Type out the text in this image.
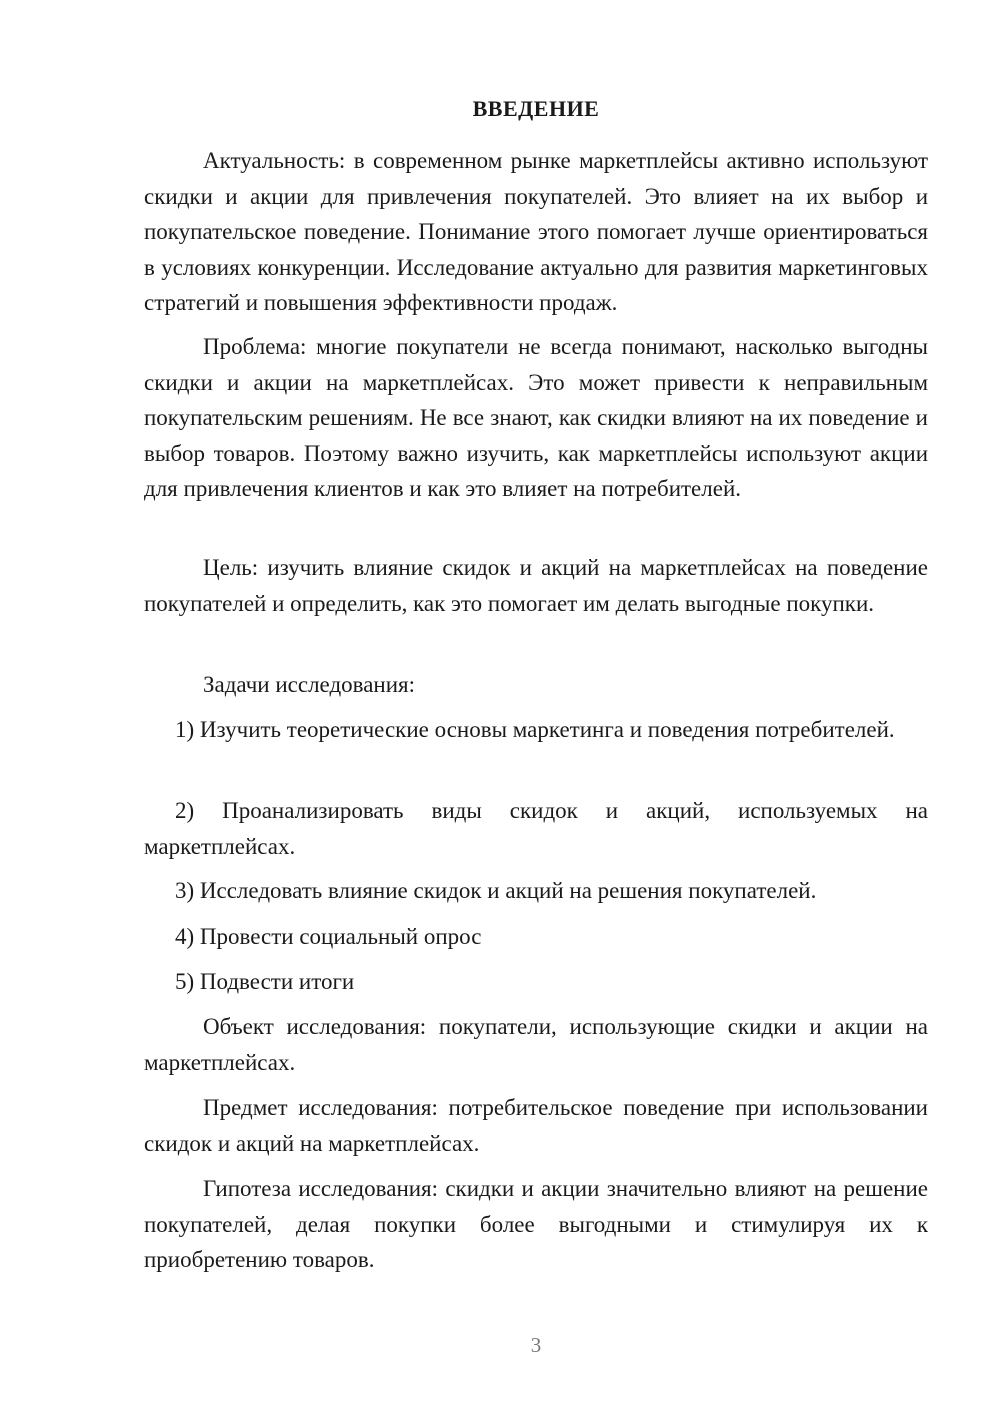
ВВЕДЕНИЕ

Актуальность: в современном рынке маркетплейсы активно используют скидки и акции для привлечения покупателей. Это влияет на их выбор и покупательское поведение. Понимание этого помогает лучше ориентироваться в условиях конкуренции. Исследование актуально для развития маркетинговых стратегий и повышения эффективности продаж.

Проблема: многие покупатели не всегда понимают, насколько выгодны скидки и акции на маркетплейсах. Это может привести к неправильным покупательским решениям. Не все знают, как скидки влияют на их поведение и выбор товаров. Поэтому важно изучить, как маркетплейсы используют акции для привлечения клиентов и как это влияет на потребителей.

Цель: изучить влияние скидок и акций на маркетплейсах на поведение покупателей и определить, как это помогает им делать выгодные покупки.

Задачи исследования:

1) Изучить теоретические основы маркетинга и поведения потребителей.

2) Проанализировать виды скидок и акций, используемых на маркетплейсах.

3) Исследовать влияние скидок и акций на решения покупателей.

4) Провести социальный опрос

5) Подвести итоги

Объект исследования: покупатели, использующие скидки и акции на маркетплейсах.

Предмет исследования: потребительское поведение при использовании скидок и акций на маркетплейсах.

Гипотеза исследования: скидки и акции значительно влияют на решение покупателей, делая покупки более выгодными и стимулируя их к приобретению товаров.

3
